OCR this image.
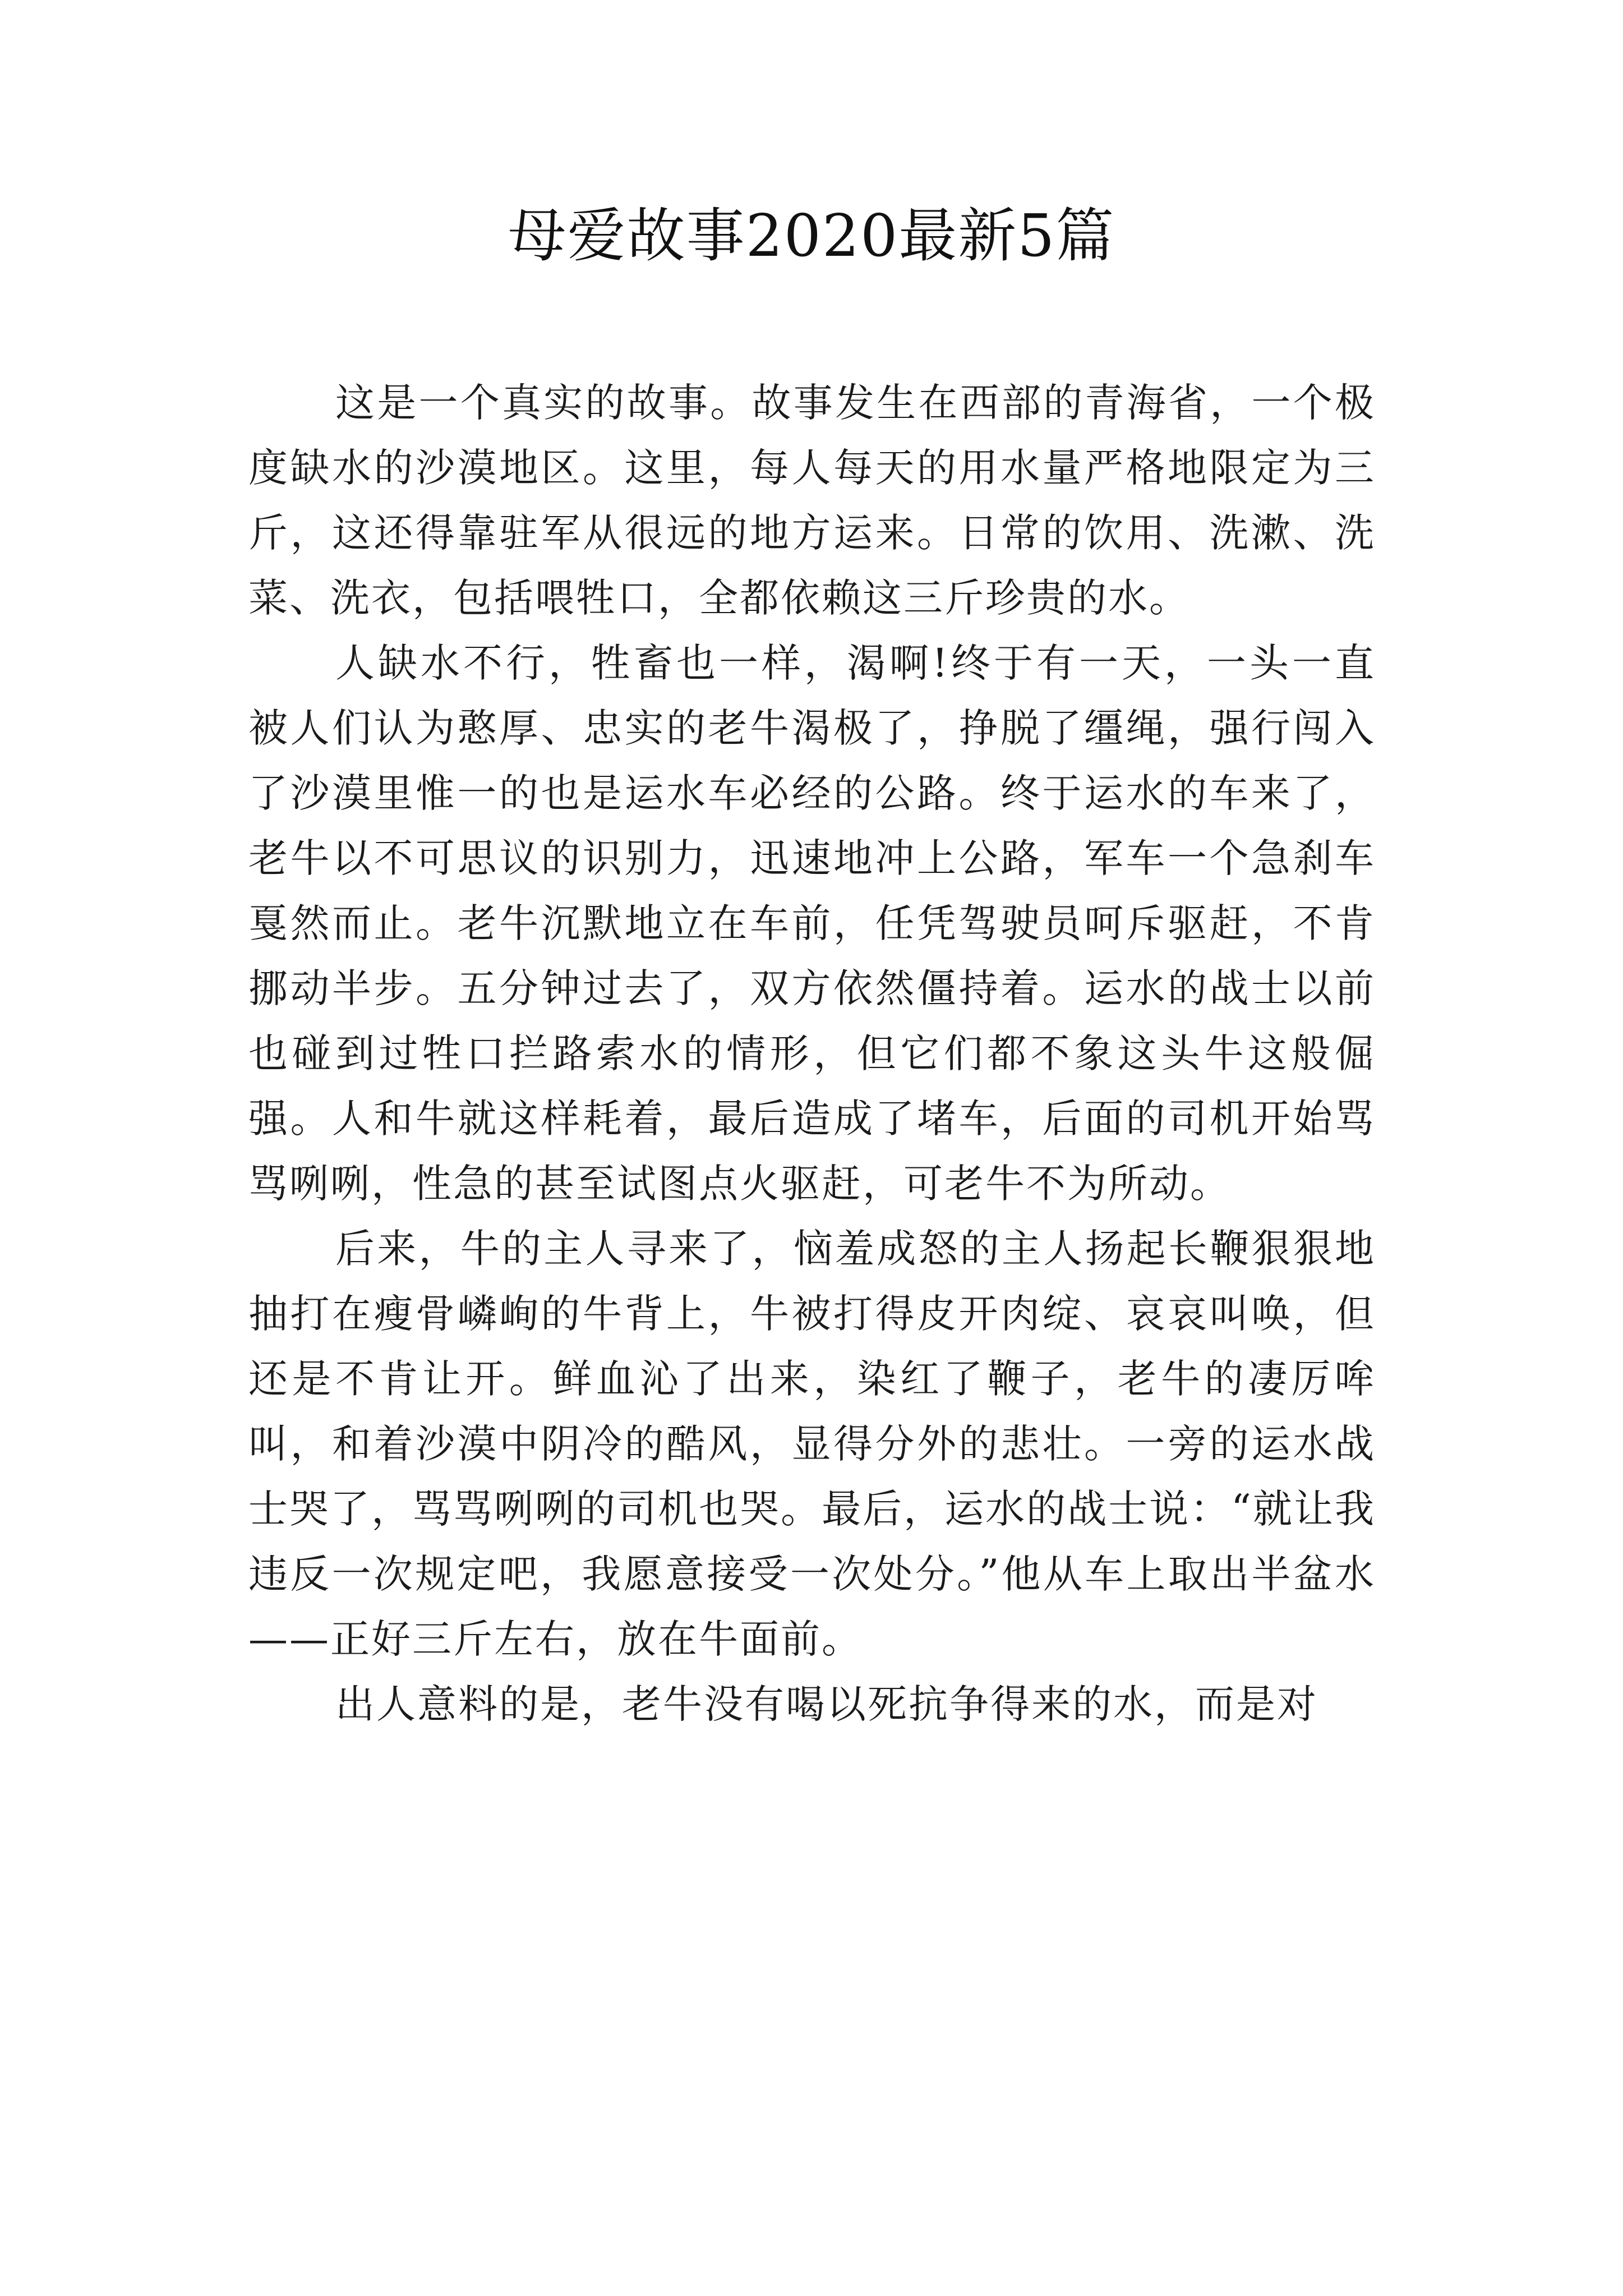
母爱故事2020最新5篇

这是一个真实的故事。故事发生在西部的青海省，一个极度缺水的沙漠地区。这里，每人每天的用水量严格地限定为三斤，这还得靠驻军从很远的地方运来。日常的饮用、洗漱、洗菜、洗衣，包括喂牲口，全都依赖这三斤珍贵的水。

人缺水不行，牲畜也一样，渴啊!终于有一天，一头一直被人们认为憨厚、忠实的老牛渴极了，挣脱了缰绳，强行闯入了沙漠里惟一的也是运水车必经的公路。终于运水的车来了，老牛以不可思议的识别力，迅速地冲上公路，军车一个急刹车戛然而止。老牛沉默地立在车前，任凭驾驶员呵斥驱赶，不肯挪动半步。五分钟过去了，双方依然僵持着。运水的战士以前也碰到过牲口拦路索水的情形，但它们都不象这头牛这般倔强。人和牛就这样耗着，最后造成了堵车，后面的司机开始骂骂咧咧，性急的甚至试图点火驱赶，可老牛不为所动。

后来，牛的主人寻来了，恼羞成怒的主人扬起长鞭狠狠地抽打在瘦骨嶙峋的牛背上，牛被打得皮开肉绽、哀哀叫唤，但还是不肯让开。鲜血沁了出来，染红了鞭子，老牛的凄厉哞叫，和着沙漠中阴冷的酷风，显得分外的悲壮。一旁的运水战士哭了，骂骂咧咧的司机也哭。最后，运水的战士说：“就让我违反一次规定吧，我愿意接受一次处分。”他从车上取出半盆水——正好三斤左右，放在牛面前。

出人意料的是，老牛没有喝以死抗争得来的水，而是对
